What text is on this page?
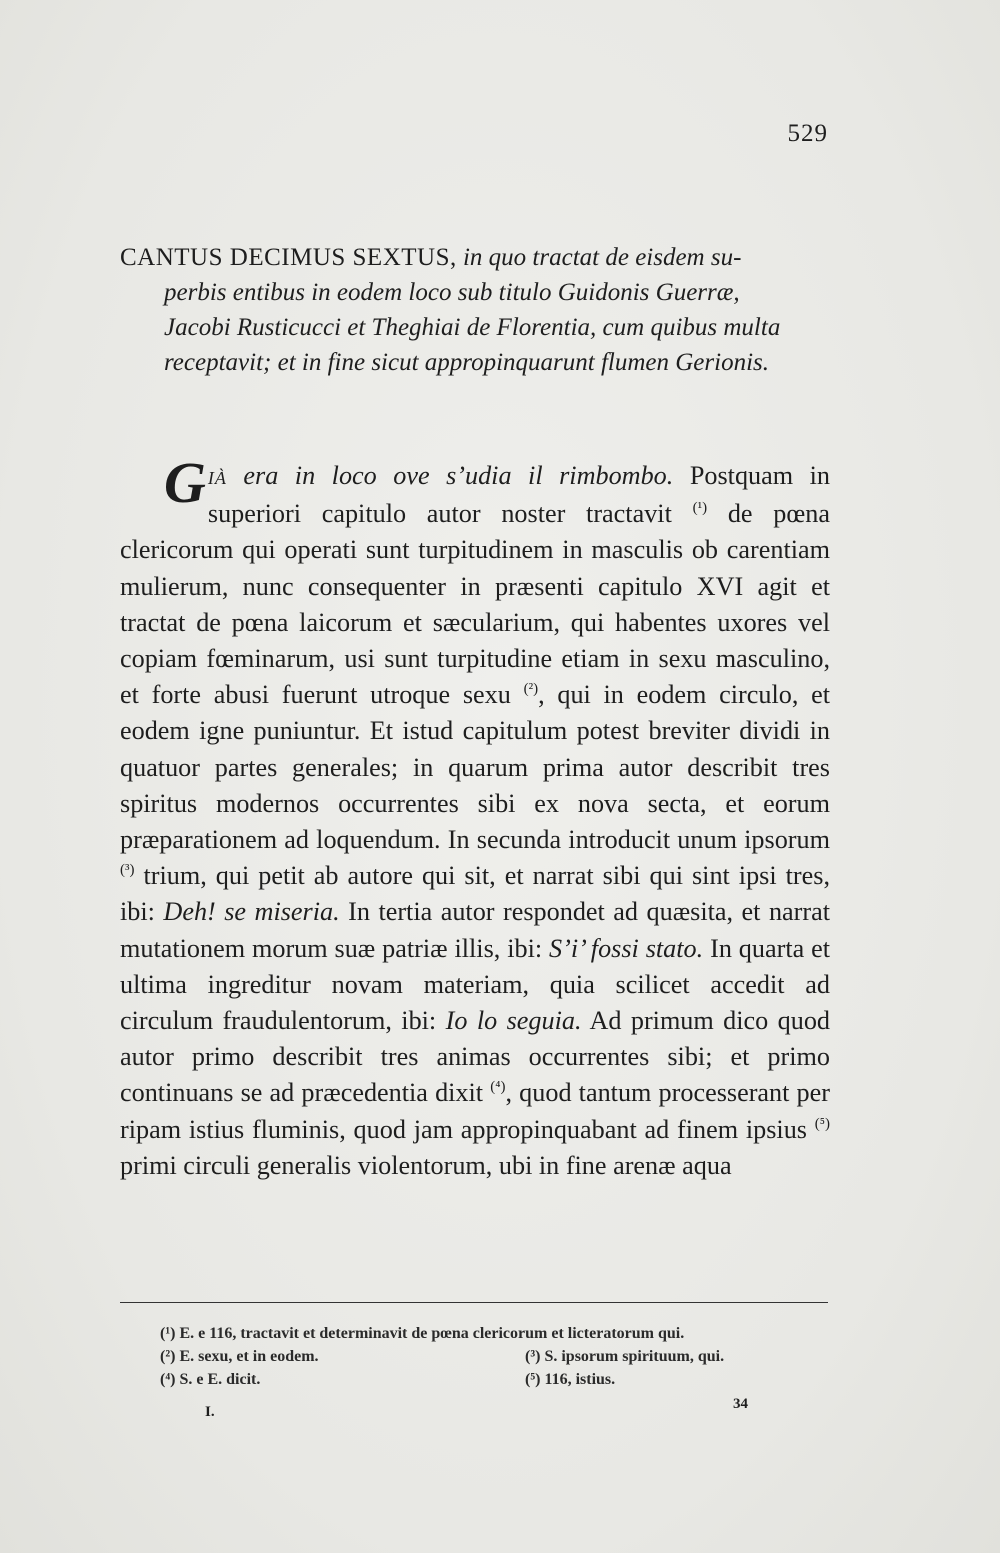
529
CANTUS DECIMUS SEXTUS, in quo tractat de eisdem su-
perbis entibus in eodem loco sub titulo Guidonis Guerræ,
Jacobi Rusticucci et Theghiai de Florentia, cum quibus multa
receptavit; et in fine sicut appropinquarunt flumen Gerionis.
G IÀ era in loco ove s’udia il rimbombo. Postquam in superiori capitulo autor noster tractavit $^{(^1)}$ de pœna clericorum qui operati sunt turpitudinem in masculis ob carentiam mulierum, nunc consequenter in præsenti capitulo XVI agit et tractat de pœna laicorum et sæcularium, qui habentes uxores vel copiam fœminarum, usi sunt turpitudine etiam in sexu masculino, et forte abusi fuerunt utroque sexu $^{(^2)}$, qui in eodem circulo, et eodem igne puniuntur. Et istud capitulum potest breviter dividi in quatuor partes generales; in quarum prima autor describit tres spiritus modernos occurrentes sibi ex nova secta, et eorum præparationem ad loquendum. In secunda introducit unum ipsorum $^{(^3)}$ trium, qui petit ab autore qui sit, et narrat sibi qui sint ipsi tres, ibi: Deh! se miseria. In tertia autor respondet ad quæsita, et narrat mutationem morum suæ patriæ illis, ibi: S’i’ fossi stato. In quarta et ultima ingreditur novam materiam, quia scilicet accedit ad circulum fraudulentorum, ibi: Io lo seguia. Ad primum dico quod autor primo describit tres animas occurrentes sibi; et primo continuans se ad præcedentia dixit $^{(^4)}$, quod tantum processerant per ripam istius fluminis, quod jam appropinquabant ad finem ipsius $^{(^5)}$ primi circuli generalis violentorum, ubi in fine arenæ aqua
(¹) E. e 116, tractavit et determinavit de pœna clericorum et licteratorum qui.
(²) E. sexu, et in eodem.	(³) S. ipsorum spirituum, qui.
(⁴) S. e E. dicit.	(⁵) 116, istius.
I.	34
